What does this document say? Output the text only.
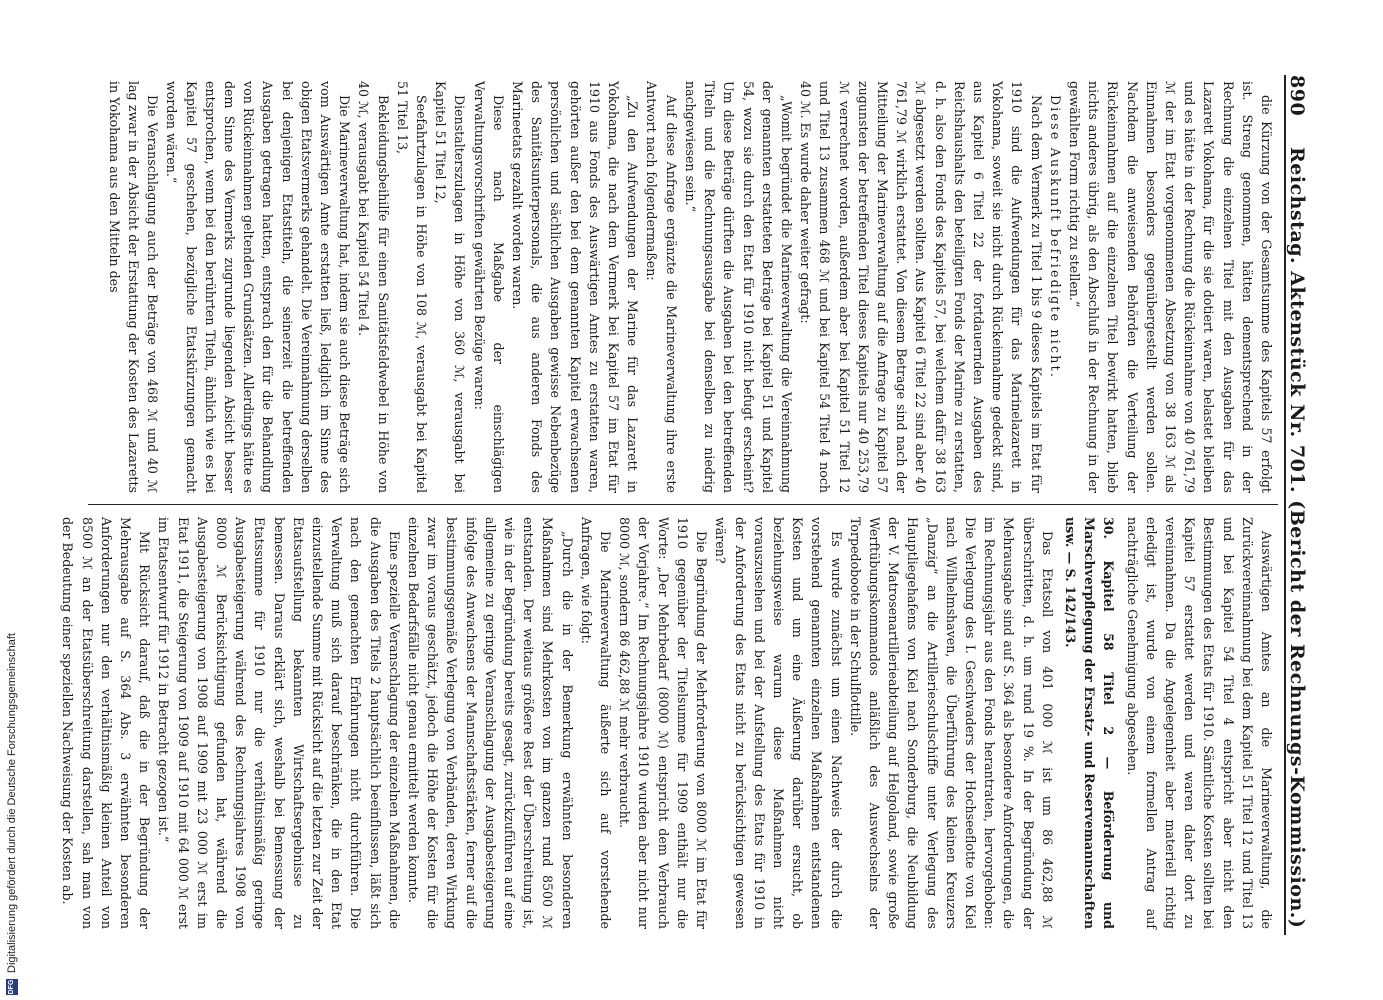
890
Reichstag. Aktenstück Nr. 701. (Bericht der Rechnungs-Kommission.)

die Kürzung von der Gesamtsumme des Kapitels 57 erfolgt ist. Streng genommen, hätten dementsprechend in der Rechnung die einzelnen Titel mit den Ausgaben für das Lazarett Yokohama, für die sie dotiert waren, belastet bleiben und es hätte in der Rechnung die Rückeinnahme von 40 761,79 ℳ der im Etat vorgenommenen Absetzung von 38 163 ℳ als Einnahmen besonders gegenübergestellt werden sollen. Nachdem die anweisenden Behörden die Verteilung der Rückeinnahmen auf die einzelnen Titel bewirkt hatten, blieb nichts anderes übrig, als den Abschluß in der Rechnung in der gewählten Form richtig zu stellen.“

Diese Auskunft befriedigte nicht.

Nach dem Vermerk zu Titel 1 bis 9 dieses Kapitels im Etat für 1910 sind die Aufwendungen für das Marinelazarett in Yokohama, soweit sie nicht durch Rückeinnahme gedeckt sind, aus Kapitel 6 Titel 22 der fortdauernden Ausgaben des Reichshaushalts den beteiligten Fonds der Marine zu erstatten, d. h. also den Fonds des Kapitels 57, bei welchem dafür 38 163 ℳ abgesetzt werden sollten. Aus Kapitel 6 Titel 22 sind aber 40 761,79 ℳ wirklich erstattet. Von diesem Betrage sind nach der Mitteilung der Marineverwaltung auf die Anfrage zu Kapitel 57 zugunsten der betreffenden Titel dieses Kapitels nur 40 253,79 ℳ verrechnet worden, außerdem aber bei Kapitel 51 Titel 12 und Titel 13 zusammen 468 ℳ und bei Kapitel 54 Titel 4 noch 40 ℳ. Es wurde daher weiter gefragt:

„Womit begründet die Marineverwaltung die Vereinnahmung der genannten erstatteten Beträge bei Kapitel 51 und Kapitel 54, wozu sie durch den Etat für 1910 nicht befugt erscheint? Um diese Beträge dürften die Ausgaben bei den betreffenden Titeln und die Rechnungsausgabe bei denselben zu niedrig nachgewiesen sein.“

Auf diese Anfrage ergänzte die Marineverwaltung ihre erste Antwort nach folgendermaßen:

„Zu den Aufwendungen der Marine für das Lazarett in Yokohama, die nach dem Vermerk bei Kapitel 57 im Etat für 1910 aus Fonds des Auswärtigen Amtes zu erstatten waren, gehörten außer den bei dem genannten Kapitel erwachsenen persönlichen und sächlichen Ausgaben gewisse Nebenbezüge des Sanitätsunterpersonals, die aus anderen Fonds des Marineetats gezahlt worden waren.

Diese nach Maßgabe der einschlägigen Verwaltungsvorschriften gewährten Bezüge waren:

Dienstalterszulagen in Höhe von 360 ℳ, verausgabt bei Kapitel 51 Titel 12,

Seefahrtzulagen in Höhe von 108 ℳ, verausgabt bei Kapitel 51 Titel 13,

Bekleidungsbeihilfe für einen Sanitätsfeldwebel in Höhe von 40 ℳ, verausgabt bei Kapitel 54 Titel 4.

Die Marineverwaltung hat, indem sie auch diese Beträge sich vom Auswärtigen Amte erstatten ließ, lediglich im Sinne des obigen Etatsvermerks gehandelt. Die Vereinnahmung derselben bei denjenigen Etatstiteln, die seinerzeit die betreffenden Ausgaben getragen hatten, entsprach den für die Behandlung von Rückeinnahmen geltenden Grundsätzen. Allerdings hätte es dem Sinne des Vermerks zugrunde liegenden Absicht besser entsprochen, wenn bei den berührten Titeln, ähnlich wie es bei Kapitel 57 geschehen, bezügliche Etatskürzungen gemacht worden wären.“

Die Veranschlagung auch der Beträge von 468 ℳ und 40 ℳ lag zwar in der Absicht der Erstattung der Kosten des Lazaretts in Yokohama aus den Mitteln des

Auswärtigen Amtes an die Marineverwaltung, die Zurückvereinnahmung bei dem Kapitel 51 Titel 12 und Titel 13 und bei Kapitel 54 Titel 4 entspricht aber nicht den Bestimmungen des Etats für 1910. Sämtliche Kosten sollten bei Kapitel 57 erstattet werden und waren daher dort zu vereinnahmen. Da die Angelegenheit aber materiell richtig erledigt ist, wurde von einem formellen Antrag auf nachträgliche Genehmigung abgesehen.

30. Kapitel 58 Titel 2 — Beförderung und Marschverpflegung der Ersatz- und Reservemannschaften usw. — S. 142/143.

Das Etatsoll von 401 000 ℳ ist um 86 462,88 ℳ überschritten, d. h. um rund 19 %. In der Begründung der Mehrausgabe sind auf S. 364 als besondere Anforderungen, die im Rechnungsjahr aus den Fonds herantraten, hervorgehoben: Die Verlegung des I. Geschwaders der Hochseeflotte von Kiel nach Wilhelmshaven, die Überführung des kleinen Kreuzers „Danzig“ an die Artillerieschulschiffe unter Verlegung des Hauptliegehafens von Kiel nach Sonderburg, die Neubildung der V. Matrosenartillerieabteilung auf Helgoland, sowie große Werftübungskommandos anläßlich des Auswechselns der Torpedoboote in der Schulflottille.

Es wurde zunächst um einen Nachweis der durch die vorstehend genannten einzelnen Maßnahmen entstandenen Kosten und um eine Äußerung darüber ersucht, ob beziehungsweise warum diese Maßnahmen nicht vorauszusehen und bei der Aufstellung des Etats für 1910 in der Anforderung des Etats nicht zu berücksichtigen gewesen wären?

Die Begründung der Mehrforderung von 8000 ℳ im Etat für 1910 gegenüber der Titelsumme für 1909 enthält nur die Worte: „Der Mehrbedarf (8000 ℳ) entspricht dem Verbrauch der Vorjahre.“ Im Rechnungsjahre 1910 wurden aber nicht nur 8000 ℳ, sondern 86 462,88 ℳ mehr verbraucht.

Die Marineverwaltung äußerte sich auf vorstehende Anfragen, wie folgt:

„Durch die in der Bemerkung erwähnten besonderen Maßnahmen sind Mehrkosten von im ganzen rund 8500 ℳ entstanden. Der weitaus größere Rest der Überschreitung ist, wie in der Begründung bereits gesagt, zurückzuführen auf eine allgemeine zu geringe Veranschlagung der Ausgabesteigerung infolge des Anwachsens der Mannschaftsstärken, ferner auf die bestimmungsgemäße Verlegung von Verbänden, deren Wirkung zwar im voraus geschätzt, jedoch die Höhe der Kosten für die einzelnen Bedarfsfälle nicht genau ermittelt werden konnte.

Eine spezielle Veranschlagung der einzelnen Maßnahmen, die die Ausgaben des Titels 2 hauptsächlich beeinflussen, läßt sich nach den gemachten Erfahrungen nicht durchführen. Die Verwaltung muß sich darauf beschränken, die in den Etat einzustellende Summe mit Rücksicht auf die letzten zur Zeit der Etatsaufstellung bekannten Wirtschaftsergebnisse zu bemessen. Daraus erklärt sich, weshalb bei Bemessung der Etatssumme für 1910 nur die verhältnismäßig geringe Ausgabesteigerung während des Rechnungsjahres 1908 von 8000 ℳ Berücksichtigung gefunden hat, während die Ausgabesteigerung von 1908 auf 1909 mit 23 000 ℳ erst im Etat 1911, die Steigerung von 1909 auf 1910 mit 64 000 ℳ erst im Etatsentwurf für 1912 in Betracht gezogen ist.“

Mit Rücksicht darauf, daß die in der Begründung der Mehrausgabe auf S. 364 Abs. 3 erwähnten besonderen Anforderungen nur den verhältnismäßig kleinen Anteil von 8500 ℳ an der Etatsüberschreitung darstellen, sah man von der Bedeutung einer speziellen Nachweisung der Kosten ab.

DFG
Digitalisierung gefördert durch die Deutsche Forschungsgemeinschaft
